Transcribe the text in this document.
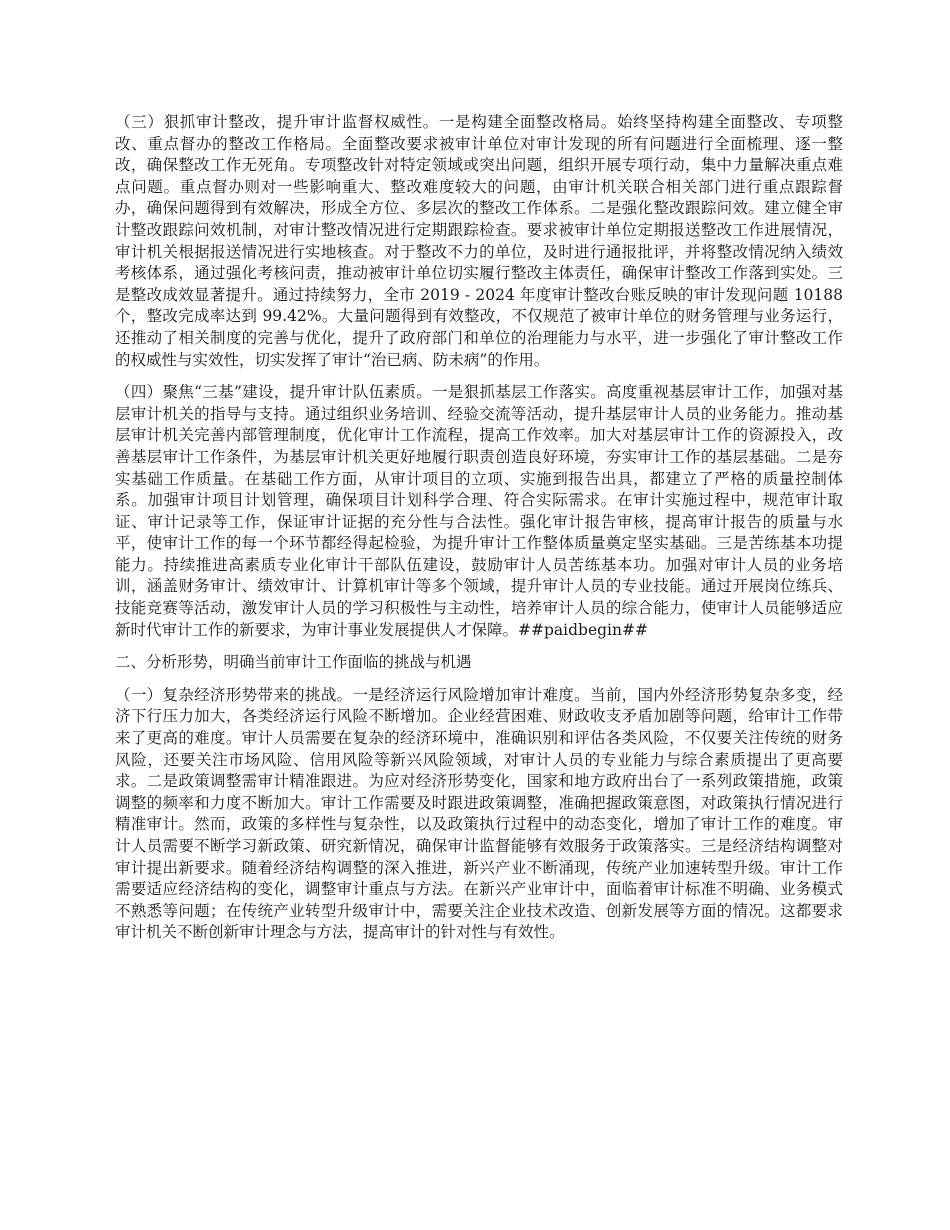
（三）狠抓审计整改，提升审计监督权威性。一是构建全面整改格局。始终坚持构建全面整改、专项整改、重点督办的整改工作格局。全面整改要求被审计单位对审计发现的所有问题进行全面梳理、逐一整改，确保整改工作无死角。专项整改针对特定领域或突出问题，组织开展专项行动，集中力量解决重点难点问题。重点督办则对一些影响重大、整改难度较大的问题，由审计机关联合相关部门进行重点跟踪督办，确保问题得到有效解决，形成全方位、多层次的整改工作体系。二是强化整改跟踪问效。建立健全审计整改跟踪问效机制，对审计整改情况进行定期跟踪检查。要求被审计单位定期报送整改工作进展情况，审计机关根据报送情况进行实地核查。对于整改不力的单位，及时进行通报批评，并将整改情况纳入绩效考核体系，通过强化考核问责，推动被审计单位切实履行整改主体责任，确保审计整改工作落到实处。三是整改成效显著提升。通过持续努力，全市 2019 - 2024 年度审计整改台账反映的审计发现问题 10188 个，整改完成率达到 99.42%。大量问题得到有效整改，不仅规范了被审计单位的财务管理与业务运行，还推动了相关制度的完善与优化，提升了政府部门和单位的治理能力与水平，进一步强化了审计整改工作的权威性与实效性，切实发挥了审计“治已病、防未病”的作用。

（四）聚焦“三基”建设，提升审计队伍素质。一是狠抓基层工作落实。高度重视基层审计工作，加强对基层审计机关的指导与支持。通过组织业务培训、经验交流等活动，提升基层审计人员的业务能力。推动基层审计机关完善内部管理制度，优化审计工作流程，提高工作效率。加大对基层审计工作的资源投入，改善基层审计工作条件，为基层审计机关更好地履行职责创造良好环境，夯实审计工作的基层基础。二是夯实基础工作质量。在基础工作方面，从审计项目的立项、实施到报告出具，都建立了严格的质量控制体系。加强审计项目计划管理，确保项目计划科学合理、符合实际需求。在审计实施过程中，规范审计取证、审计记录等工作，保证审计证据的充分性与合法性。强化审计报告审核，提高审计报告的质量与水平，使审计工作的每一个环节都经得起检验，为提升审计工作整体质量奠定坚实基础。三是苦练基本功提能力。持续推进高素质专业化审计干部队伍建设，鼓励审计人员苦练基本功。加强对审计人员的业务培训，涵盖财务审计、绩效审计、计算机审计等多个领域，提升审计人员的专业技能。通过开展岗位练兵、技能竞赛等活动，激发审计人员的学习积极性与主动性，培养审计人员的综合能力，使审计人员能够适应新时代审计工作的新要求，为审计事业发展提供人才保障。##paidbegin##

二、分析形势，明确当前审计工作面临的挑战与机遇

（一）复杂经济形势带来的挑战。一是经济运行风险增加审计难度。当前，国内外经济形势复杂多变，经济下行压力加大，各类经济运行风险不断增加。企业经营困难、财政收支矛盾加剧等问题，给审计工作带来了更高的难度。审计人员需要在复杂的经济环境中，准确识别和评估各类风险，不仅要关注传统的财务风险，还要关注市场风险、信用风险等新兴风险领域，对审计人员的专业能力与综合素质提出了更高要求。二是政策调整需审计精准跟进。为应对经济形势变化，国家和地方政府出台了一系列政策措施，政策调整的频率和力度不断加大。审计工作需要及时跟进政策调整，准确把握政策意图，对政策执行情况进行精准审计。然而，政策的多样性与复杂性，以及政策执行过程中的动态变化，增加了审计工作的难度。审计人员需要不断学习新政策、研究新情况，确保审计监督能够有效服务于政策落实。三是经济结构调整对审计提出新要求。随着经济结构调整的深入推进，新兴产业不断涌现，传统产业加速转型升级。审计工作需要适应经济结构的变化，调整审计重点与方法。在新兴产业审计中，面临着审计标准不明确、业务模式不熟悉等问题；在传统产业转型升级审计中，需要关注企业技术改造、创新发展等方面的情况。这都要求审计机关不断创新审计理念与方法，提高审计的针对性与有效性。
